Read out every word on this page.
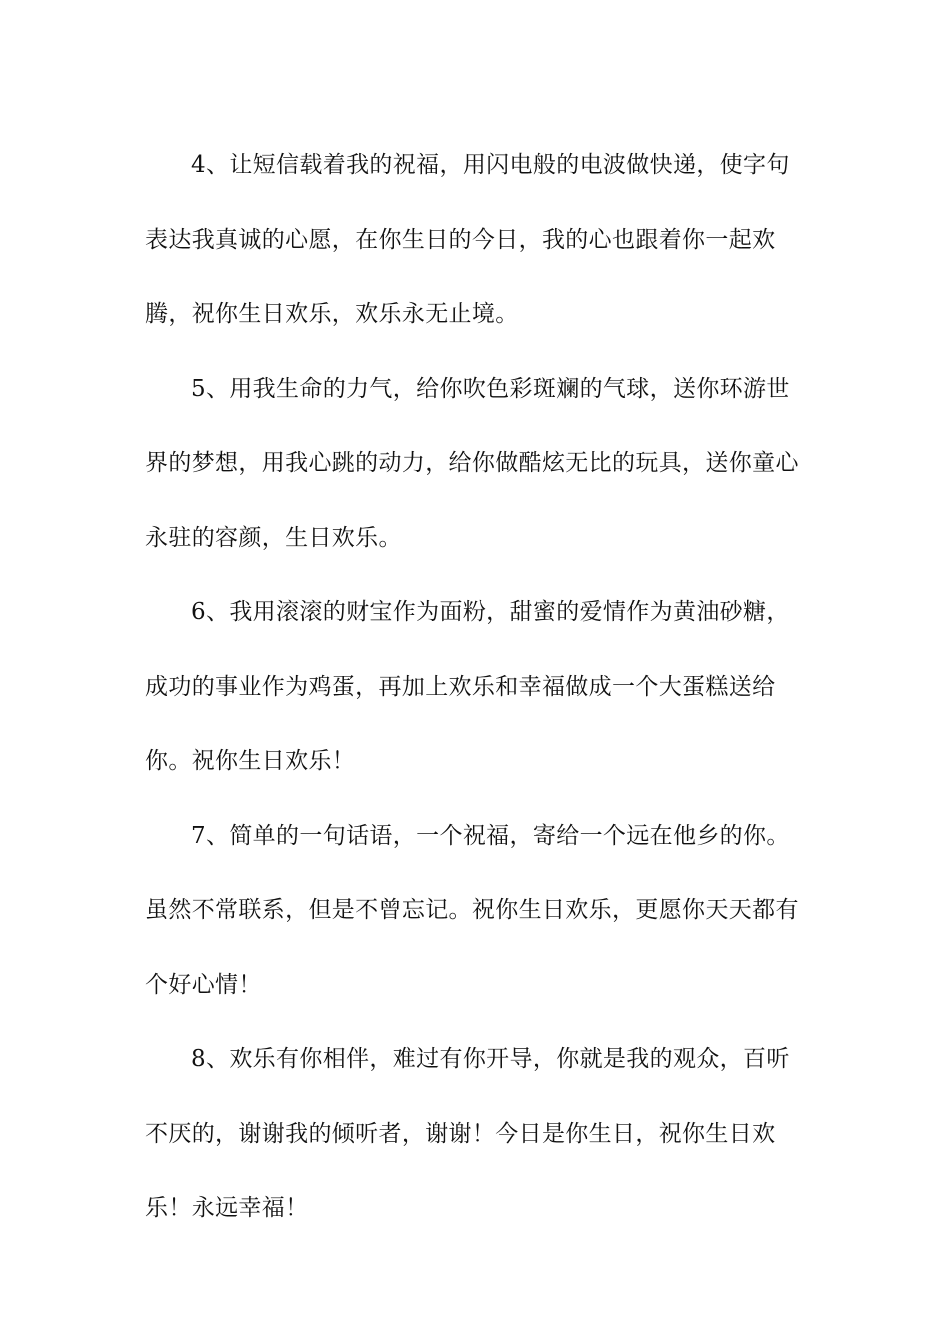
4、让短信载着我的祝福，用闪电般的电波做快递，使字句表达我真诚的心愿，在你生日的今日，我的心也跟着你一起欢腾，祝你生日欢乐，欢乐永无止境。

5、用我生命的力气，给你吹色彩斑斓的气球，送你环游世界的梦想，用我心跳的动力，给你做酷炫无比的玩具，送你童心永驻的容颜，生日欢乐。

6、我用滚滚的财宝作为面粉，甜蜜的爱情作为黄油砂糖，成功的事业作为鸡蛋，再加上欢乐和幸福做成一个大蛋糕送给你。祝你生日欢乐！

7、简单的一句话语，一个祝福，寄给一个远在他乡的你。虽然不常联系，但是不曾忘记。祝你生日欢乐，更愿你天天都有个好心情！

8、欢乐有你相伴，难过有你开导，你就是我的观众，百听不厌的，谢谢我的倾听者，谢谢！今日是你生日，祝你生日欢乐！永远幸福！
